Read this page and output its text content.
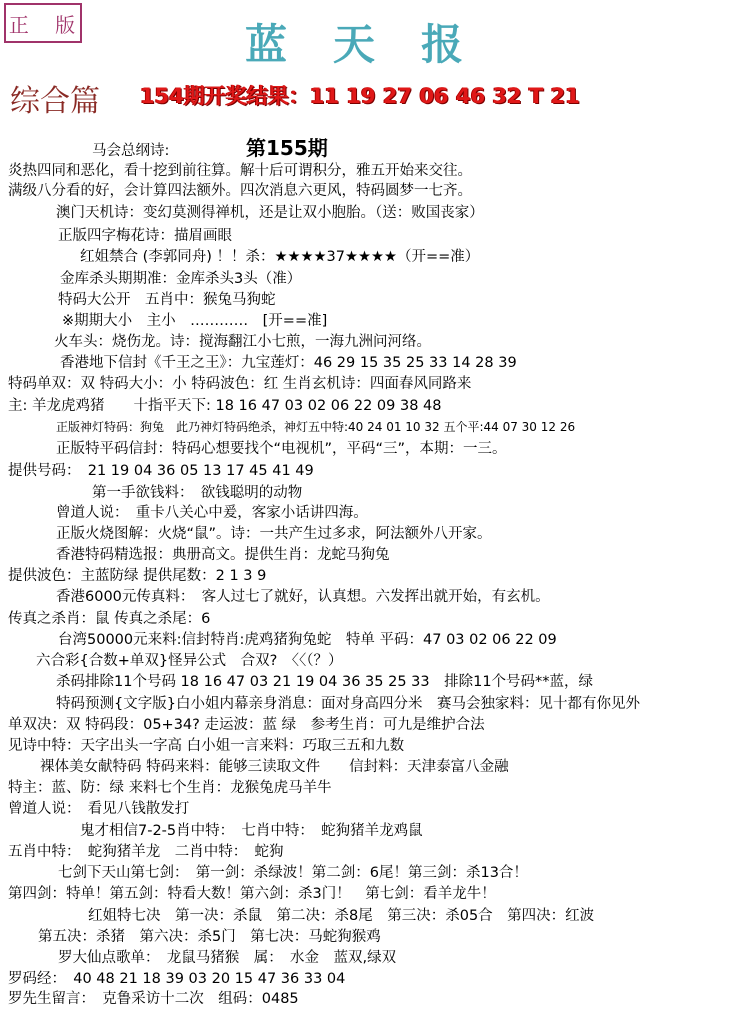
正 版	蓝天报
综合篇 154期开奖结果：11 19 27 06 46 32 T 21
第155期
马会总纲诗:
炎热四同和恶化，看十挖到前往算。解十后可谓积分，雅五开始来交往。
满级八分看的好，会计算四法额外。四次消息六更风，特码圆梦一七齐。
澳门天机诗：变幻莫测得禅机，还是让双小胞胎。（送：败国丧家）
正版四字梅花诗：描眉画眼
红姐禁合 (李郭同舟) ！！杀：★★★★37★★★★（开==准）
金库杀头期期准：金库杀头3头（准）
特码大公开　五肖中：猴兔马狗蛇
※期期大小　主小　…………　[开==准]
火车头：烧伤龙。诗：搅海翻江小七煎，一海九洲问河络。
香港地下信封《千王之王》：九宝莲灯：46 29 15 35 25 33 14 28 39
特码单双：双 特码大小：小 特码波色：红 生肖玄机诗：四面春风同路来
主: 羊龙虎鸡猪　　十指平天下: 18 16 47 03 02 06 22 09 38 48
正版神灯特码：狗兔　此乃神灯特码绝杀，神灯五中特:40 24 01 10 32 五个平:44 07 30 12 26
正版特平码信封：特码心想要找个“电视机”，平码“三”，本期：一三。
提供号码：　21 19 04 36 05 13 17 45 41 49
第一手欲钱料：　欲钱聪明的动物
曾道人说：　重卡八关心中爰，客家小话讲四海。
正版火烧图解：火烧“鼠”。诗：一共产生过多求，阿法额外八开家。
香港特码精选报：典册高文。提供生肖：龙蛇马狗兔
提供波色：主蓝防绿 提供尾数：2 1 3 9
香港6000元传真料：　客人过七了就好，认真想。六发挥出就开始，有玄机。
传真之杀肖：鼠 传真之杀尾：6
台湾50000元来料:信封特肖:虎鸡猪狗兔蛇　特单 平码：47 03 02 06 22 09
六合彩{合数+单双}怪异公式　合双?　〈〈（？）
杀码排除11个号码 18 16 47 03 21 19 04 36 35 25 33　排除11个号码**蓝，绿
特码预测{文字版}白小姐内幕亲身消息：面对身高四分米　赛马会独家料：见十都有你见外
单双决：双 特码段：05+34? 走运波：蓝 绿　参考生肖：可九是维护合法
见诗中特：天字出头一字高 白小姐一言来料：巧取三五和九数
裸体美女献特码 特码来料：能够三读取文件　　信封料：天津泰富八金融
特主：蓝、防：绿 来料七个生肖：龙猴兔虎马羊牛
曾道人说：　看见八钱散发打
鬼才相信7-2-5肖中特：　七肖中特：　蛇狗猪羊龙鸡鼠
五肖中特：　蛇狗猪羊龙　二肖中特：　蛇狗
七剑下天山第七剑：　第一剑：杀绿波！第二剑：6尾！第三剑：杀13合！
第四剑：特单！第五剑：特看大数！第六剑：杀3门！　第七剑：看羊龙牛！
红姐特七决　第一决：杀鼠　第二决：杀8尾　第三决：杀05合　第四决：红波
第五决：杀猪　第六决：杀5门　第七决：马蛇狗猴鸡
罗大仙点歌单：　龙鼠马猪猴　属：　水金　蓝双,绿双
罗码经：　40 48 21 18 39 03 20 15 47 36 33 04
罗先生留言：　克鲁采访十二次　组码：0485
